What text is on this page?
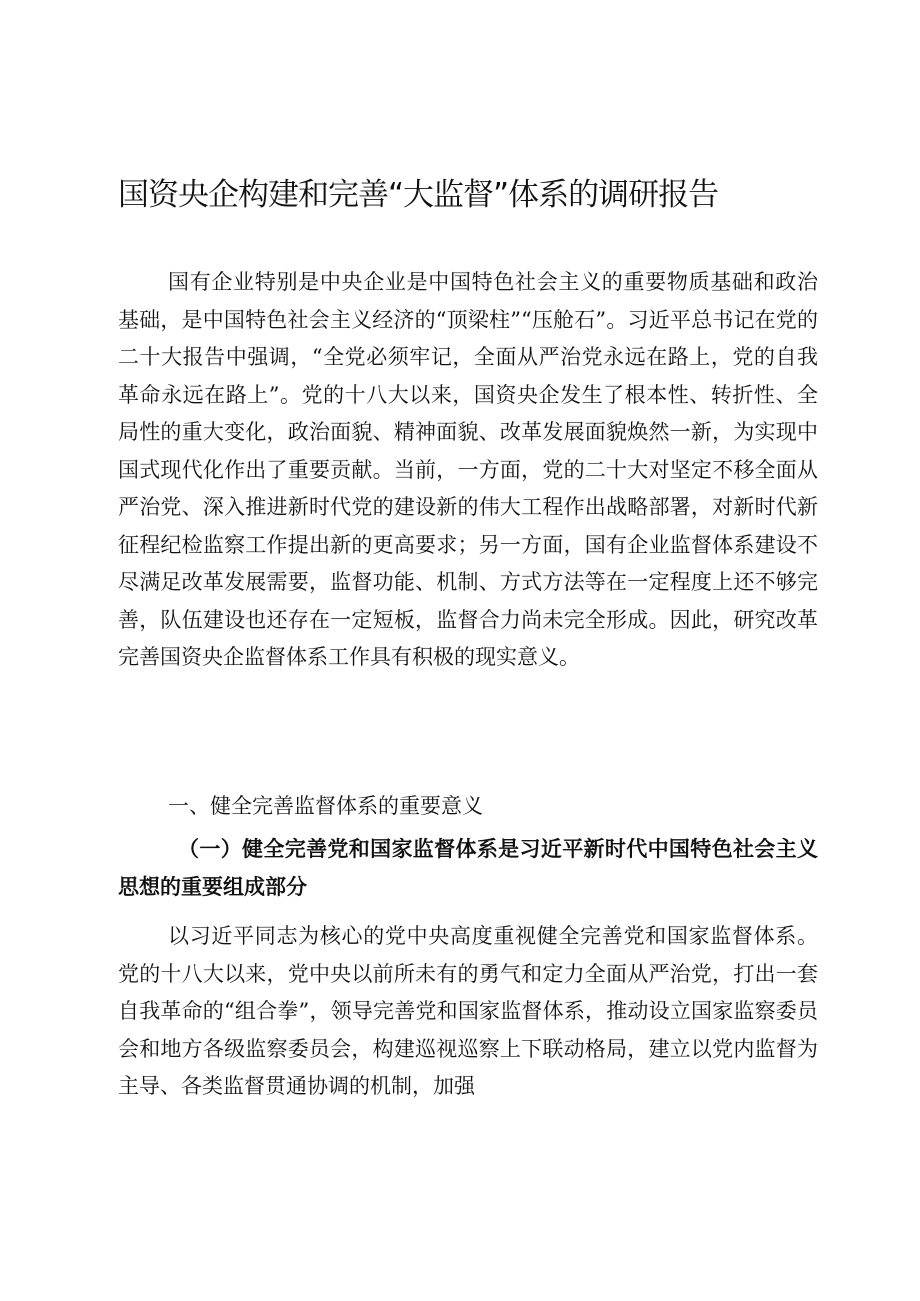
国资央企构建和完善“大监督”体系的调研报告

国有企业特别是中央企业是中国特色社会主义的重要物质基础和政治基础，是中国特色社会主义经济的“顶梁柱”“压舱石”。习近平总书记在党的二十大报告中强调，“全党必须牢记，全面从严治党永远在路上，党的自我革命永远在路上”。党的十八大以来，国资央企发生了根本性、转折性、全局性的重大变化，政治面貌、精神面貌、改革发展面貌焕然一新，为实现中国式现代化作出了重要贡献。当前，一方面，党的二十大对坚定不移全面从严治党、深入推进新时代党的建设新的伟大工程作出战略部署，对新时代新征程纪检监察工作提出新的更高要求；另一方面，国有企业监督体系建设不尽满足改革发展需要，监督功能、机制、方式方法等在一定程度上还不够完善，队伍建设也还存在一定短板，监督合力尚未完全形成。因此，研究改革完善国资央企监督体系工作具有积极的现实意义。

一、健全完善监督体系的重要意义
（一）健全完善党和国家监督体系是习近平新时代中国特色社会主义思想的重要组成部分

以习近平同志为核心的党中央高度重视健全完善党和国家监督体系。党的十八大以来，党中央以前所未有的勇气和定力全面从严治党，打出一套自我革命的“组合拳”，领导完善党和国家监督体系，推动设立国家监察委员会和地方各级监察委员会，构建巡视巡察上下联动格局，建立以党内监督为主导、各类监督贯通协调的机制，加强
